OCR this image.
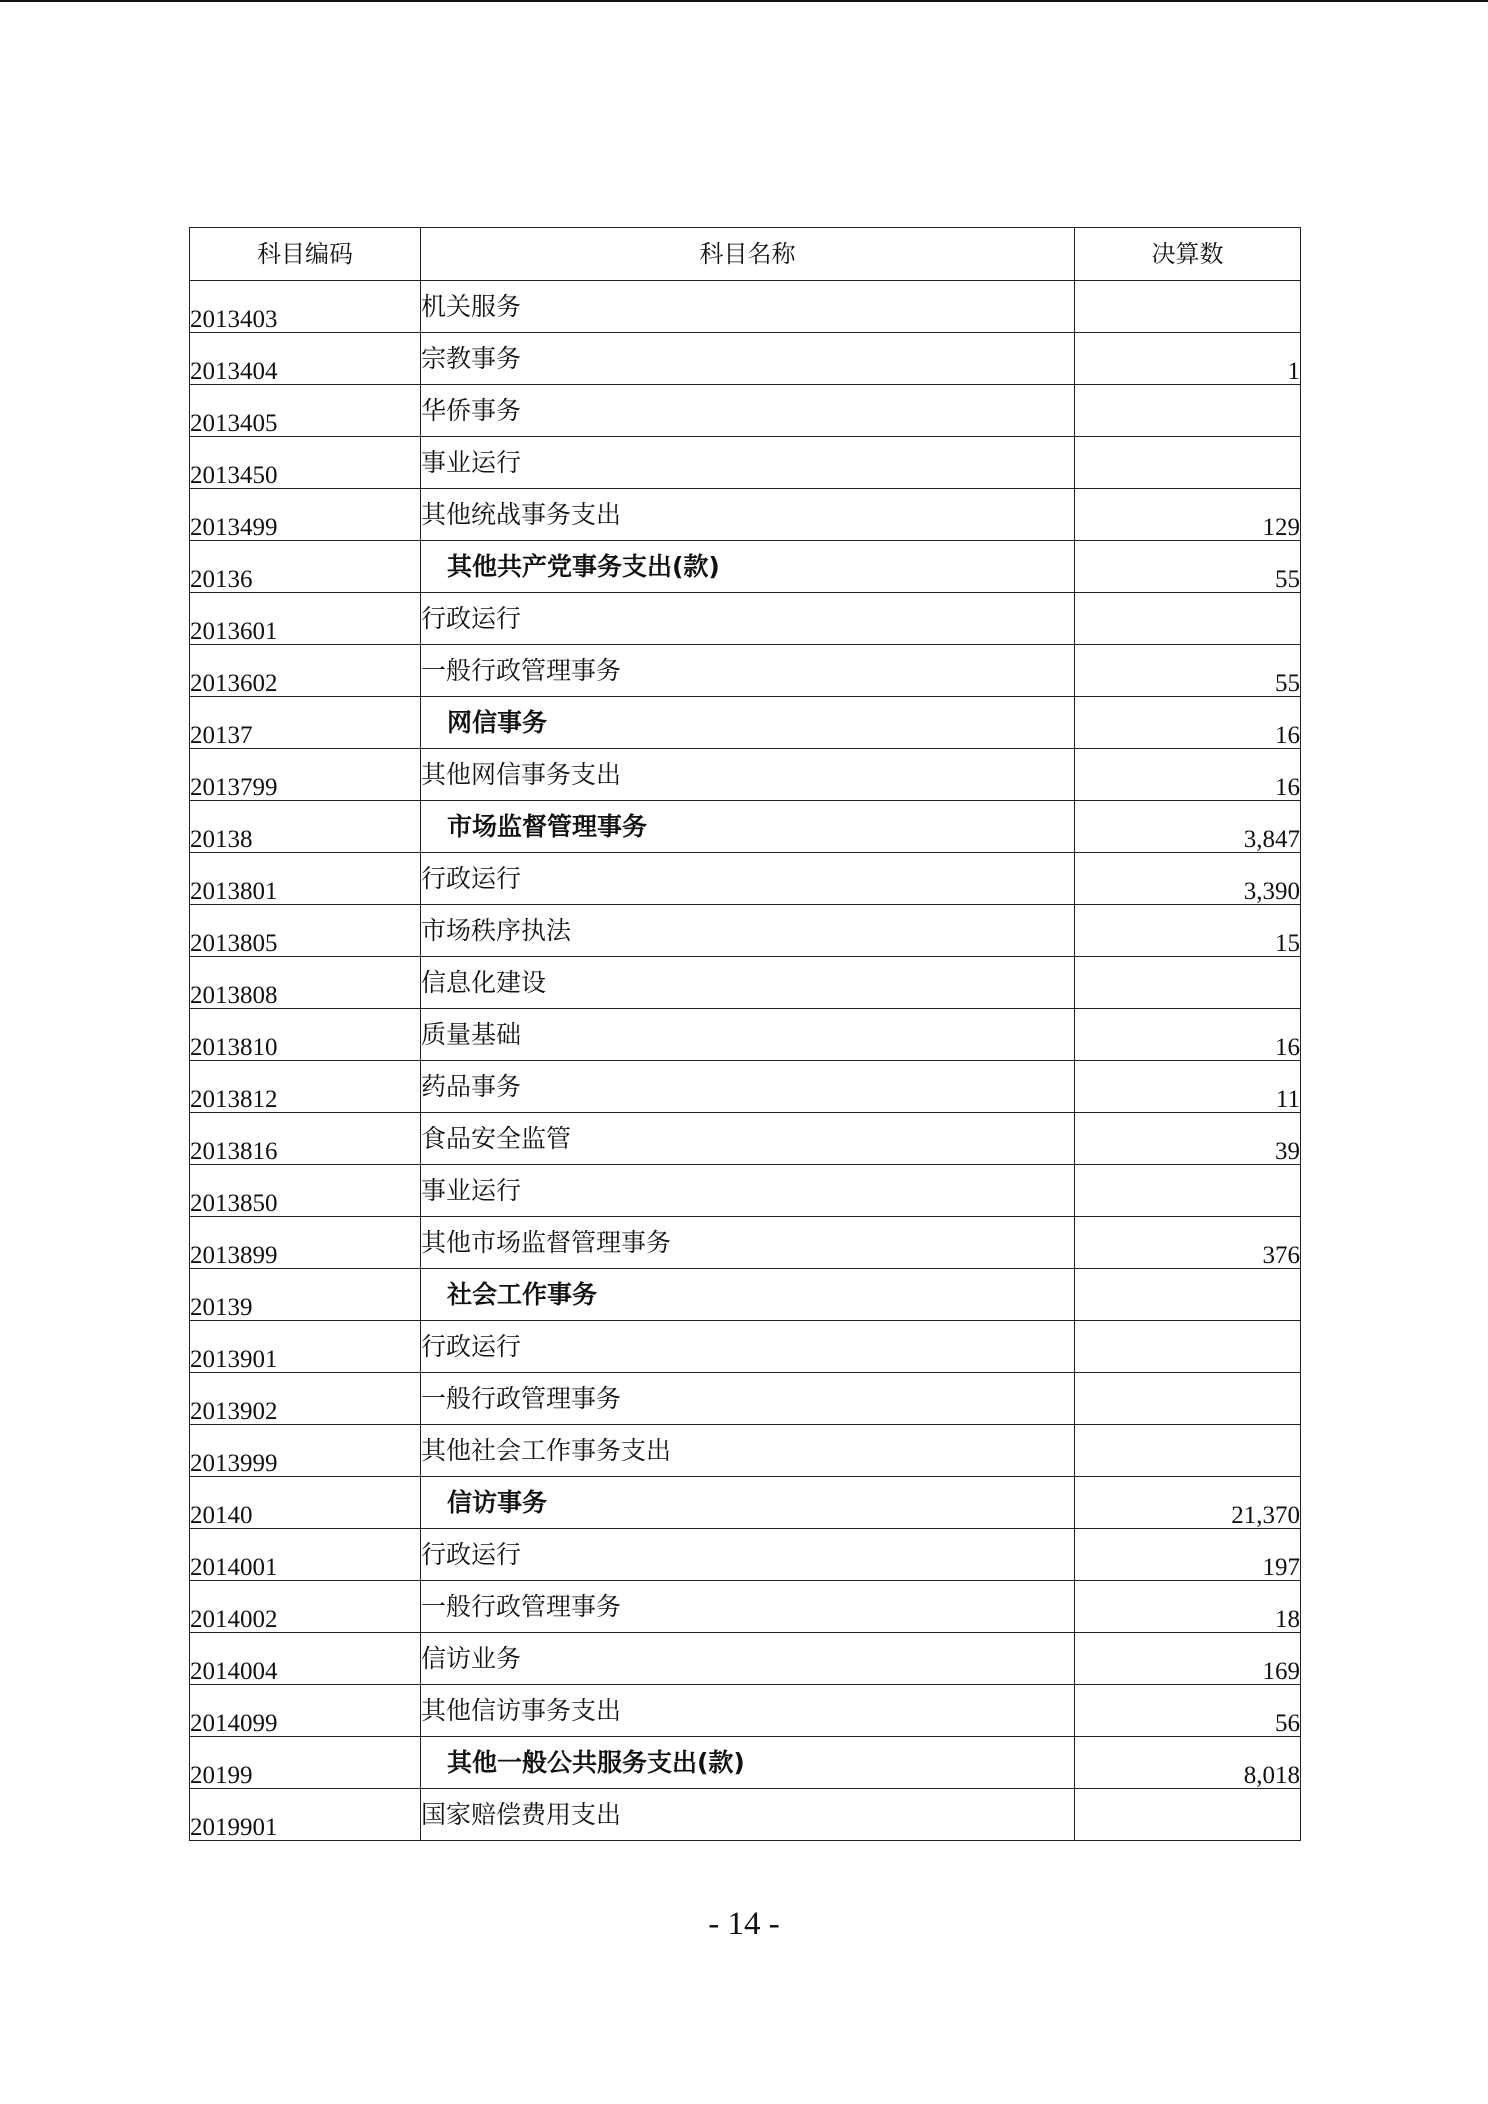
科目编码	科目名称	决算数
2013403	机关服务	
2013404	宗教事务	1
2013405	华侨事务	
2013450	事业运行	
2013499	其他统战事务支出	129
20136	其他共产党事务支出(款)	55
2013601	行政运行	
2013602	一般行政管理事务	55
20137	网信事务	16
2013799	其他网信事务支出	16
20138	市场监督管理事务	3,847
2013801	行政运行	3,390
2013805	市场秩序执法	15
2013808	信息化建设	
2013810	质量基础	16
2013812	药品事务	11
2013816	食品安全监管	39
2013850	事业运行	
2013899	其他市场监督管理事务	376
20139	社会工作事务	
2013901	行政运行	
2013902	一般行政管理事务	
2013999	其他社会工作事务支出	
20140	信访事务	21,370
2014001	行政运行	197
2014002	一般行政管理事务	18
2014004	信访业务	169
2014099	其他信访事务支出	56
20199	其他一般公共服务支出(款)	8,018
2019901	国家赔偿费用支出	
- 14 -
